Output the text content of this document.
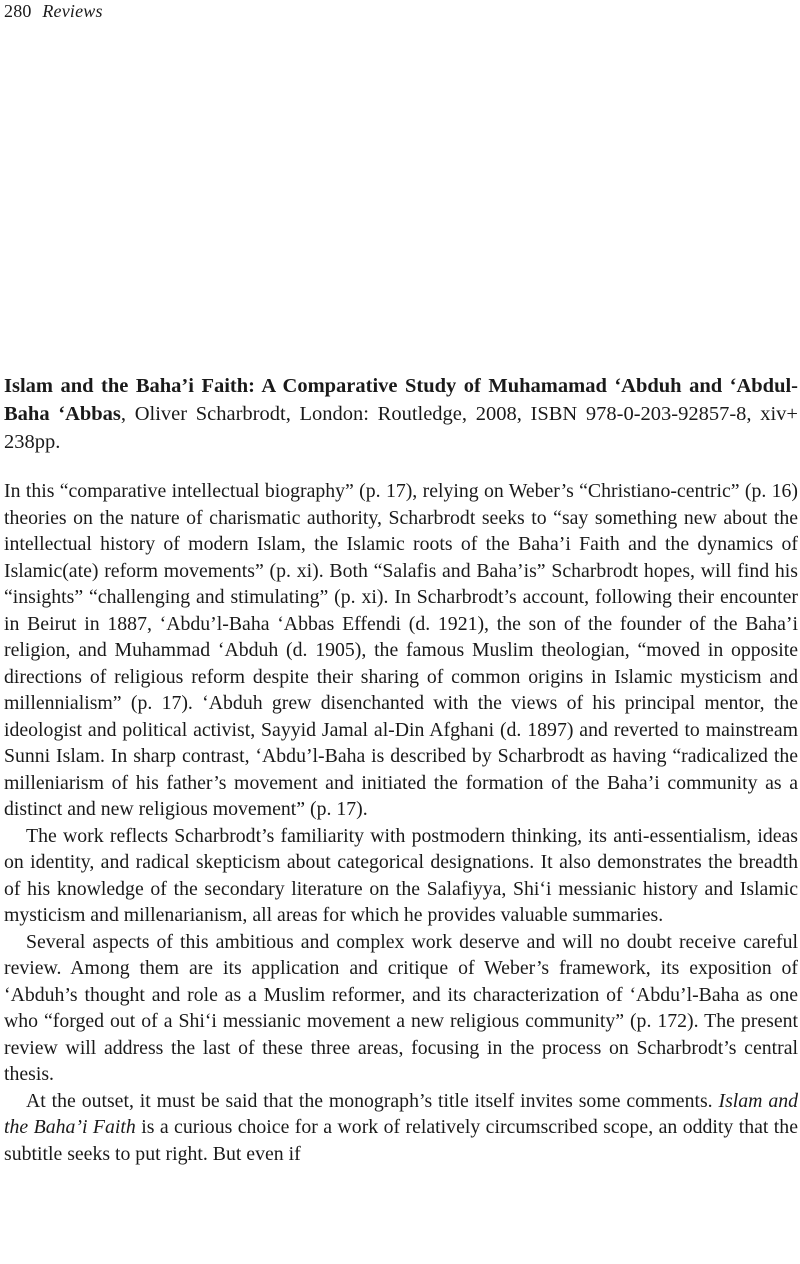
280 Reviews

Islam and the Baha’i Faith: A Comparative Study of Muhamamad ‘Abduh and ‘Abdul-Baha ‘Abbas, Oliver Scharbrodt, London: Routledge, 2008, ISBN 978-0-203-92857-8, xiv+ 238pp.

In this “comparative intellectual biography” (p. 17), relying on Weber’s “Christiano-centric” (p. 16) theories on the nature of charismatic authority, Scharbrodt seeks to “say something new about the intellectual history of modern Islam, the Islamic roots of the Baha’i Faith and the dynamics of Islamic(ate) reform movements” (p. xi). Both “Salafis and Baha’is” Scharbrodt hopes, will find his “insights” “challenging and stimulating” (p. xi). In Scharbrodt’s account, following their encounter in Beirut in 1887, ‘Abdu’l-Baha ‘Abbas Effendi (d. 1921), the son of the founder of the Baha’i religion, and Muhammad ‘Abduh (d. 1905), the famous Muslim theologian, “moved in opposite directions of religious reform despite their sharing of common origins in Islamic mysticism and millennialism” (p. 17). ‘Abduh grew disenchanted with the views of his principal mentor, the ideologist and political activist, Sayyid Jamal al-Din Afghani (d. 1897) and reverted to mainstream Sunni Islam. In sharp contrast, ‘Abdu’l-Baha is described by Scharbrodt as having “radicalized the milleniarism of his father’s movement and initiated the formation of the Baha’i community as a distinct and new religious movement” (p. 17).

The work reflects Scharbrodt’s familiarity with postmodern thinking, its anti-essentialism, ideas on identity, and radical skepticism about categorical designations. It also demonstrates the breadth of his knowledge of the secondary literature on the Salafiyya, Shi‘i messianic history and Islamic mysticism and millenarianism, all areas for which he provides valuable summaries.

Several aspects of this ambitious and complex work deserve and will no doubt receive careful review. Among them are its application and critique of Weber’s framework, its exposition of ‘Abduh’s thought and role as a Muslim reformer, and its characterization of ‘Abdu’l-Baha as one who “forged out of a Shi‘i messianic movement a new religious community” (p. 172). The present review will address the last of these three areas, focusing in the process on Scharbrodt’s central thesis.

At the outset, it must be said that the monograph’s title itself invites some comments. Islam and the Baha’i Faith is a curious choice for a work of relatively circumscribed scope, an oddity that the subtitle seeks to put right. But even if
